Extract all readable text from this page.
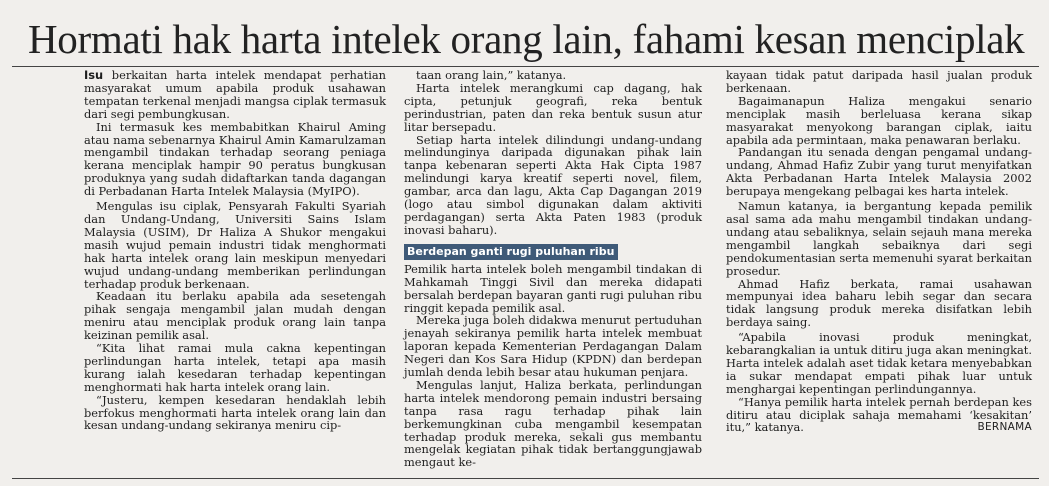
Hormati hak harta intelek orang lain, fahami kesan menciplak

Isu berkaitan harta intelek mendapat perhatian masyarakat umum apabila produk usahawan tempatan terkenal menjadi mangsa ciplak termasuk dari segi pembungkusan.

Ini termasuk kes membabitkan Khairul Aming atau nama sebenarnya Khairul Amin Kamarulzaman mengambil tindakan terhadap seorang peniaga kerana menciplak hampir 90 peratus bungkusan produknya yang sudah didaftarkan tanda dagangan di Perbadanan Harta Intelek Malaysia (MyIPO).

Mengulas isu ciplak, Pensyarah Fakulti Syariah dan Undang-Undang, Universiti Sains Islam Malaysia (USIM), Dr Haliza A Shukor mengakui masih wujud pemain industri tidak menghormati hak harta intelek orang lain meskipun menyedari wujud undang-undang memberikan perlindungan terhadap produk berkenaan.

Keadaan itu berlaku apabila ada sesetengah pihak sengaja mengambil jalan mudah dengan meniru atau menciplak produk orang lain tanpa keizinan pemilik asal.

“Kita lihat ramai mula cakna kepentingan perlindungan harta intelek, tetapi apa masih kurang ialah kesedaran terhadap kepentingan menghormati hak harta intelek orang lain.

“Justeru, kempen kesedaran hendaklah lebih berfokus menghormati harta intelek orang lain dan kesan undang-undang sekiranya meniru cip-

taan orang lain,” katanya.

Harta intelek merangkumi cap dagang, hak cipta, petunjuk geografi, reka bentuk perindustrian, paten dan reka bentuk susun atur litar bersepadu.

Setiap harta intelek dilindungi undang-undang melindunginya daripada digunakan pihak lain tanpa kebenaran seperti Akta Hak Cipta 1987 melindungi karya kreatif seperti novel, filem, gambar, arca dan lagu, Akta Cap Dagangan 2019 (logo atau simbol digunakan dalam aktiviti perdagangan) serta Akta Paten 1983 (produk inovasi baharu).

Berdepan ganti rugi puluhan ribu

Pemilik harta intelek boleh mengambil tindakan di Mahkamah Tinggi Sivil dan mereka didapati bersalah berdepan bayaran ganti rugi puluhan ribu ringgit kepada pemilik asal.

Mereka juga boleh didakwa menurut pertuduhan jenayah sekiranya pemilik harta intelek membuat laporan kepada Kementerian Perdagangan Dalam Negeri dan Kos Sara Hidup (KPDN) dan berdepan jumlah denda lebih besar atau hukuman penjara.

Mengulas lanjut, Haliza berkata, perlindungan harta intelek mendorong pemain industri bersaing tanpa rasa ragu terhadap pihak lain berkemungkinan cuba mengambil kesempatan terhadap produk mereka, sekali gus membantu mengelak kegiatan pihak tidak bertanggungjawab mengaut ke-

kayaan tidak patut daripada hasil jualan produk berkenaan.

Bagaimanapun Haliza mengakui senario menciplak masih berleluasa kerana sikap masyarakat menyokong barangan ciplak, iaitu apabila ada permintaan, maka penawaran berlaku.

Pandangan itu senada dengan pengamal undang-undang, Ahmad Hafiz Zubir yang turut menyifatkan Akta Perbadanan Harta Intelek Malaysia 2002 berupaya mengekang pelbagai kes harta intelek.

Namun katanya, ia bergantung kepada pemilik asal sama ada mahu mengambil tindakan undang-undang atau sebaliknya, selain sejauh mana mereka mengambil langkah sebaiknya dari segi pendokumentasian serta memenuhi syarat berkaitan prosedur.

Ahmad Hafiz berkata, ramai usahawan mempunyai idea baharu lebih segar dan secara tidak langsung produk mereka disifatkan lebih berdaya saing.

“Apabila inovasi produk meningkat, kebarangkalian ia untuk ditiru juga akan meningkat. Harta intelek adalah aset tidak ketara menyebabkan ia sukar mendapat empati pihak luar untuk menghargai kepentingan perlindungannya.

“Hanya pemilik harta intelek pernah berdepan kes ditiru atau diciplak sahaja memahami ‘kesakitan’ itu,” katanya.	BERNAMA
